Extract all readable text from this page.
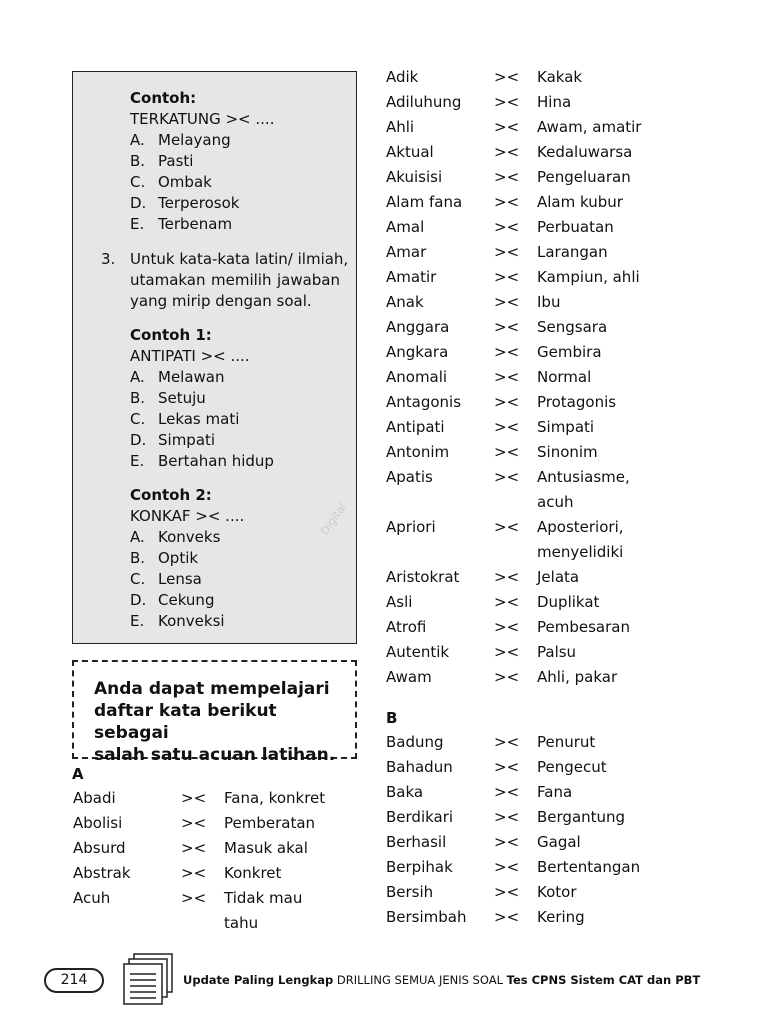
Contoh:
TERKATUNG >< ....
A. Melayang
B. Pasti
C. Ombak
D. Terperosok
E. Terbenam
3. Untuk kata-kata latin/ ilmiah,
utamakan memilih jawaban
yang mirip dengan soal.
Contoh 1:
ANTIPATI >< ....
A. Melawan
B. Setuju
C. Lekas mati
D. Simpati
E. Bertahan hidup
Contoh 2:
KONKAF >< ....
A. Konveks
B. Optik
C. Lensa
D. Cekung
E. Konveksi
Digital
Anda dapat mempelajari
daftar kata berikut sebagai
salah satu acuan latihan.
A
B
Abadi	>< Fana, konkret
Abolisi	>< Pemberatan
Absurd	>< Masuk akal
Abstrak	>< Konkret
Acuh	>< Tidak mau
tahu
Adik	>< Kakak
Adiluhung >< Hina
Ahli	>< Awam, amatir
Aktual	>< Kedaluwarsa
Akuisisi	>< Pengeluaran
Alam fana >< Alam kubur
Amal	>< Perbuatan
Amar	>< Larangan
Amatir	>< Kampiun, ahli
Anak	>< Ibu
Anggara	>< Sengsara
Angkara	>< Gembira
Anomali	>< Normal
Antagonis >< Protagonis
Antipati	>< Simpati
Antonim	>< Sinonim
Apatis	>< Antusiasme,
acuh
Apriori	>< Aposteriori,
menyelidiki
Aristokrat >< Jelata
Asli	>< Duplikat
Atrofi	>< Pembesaran
Autentik	>< Palsu
Awam	>< Ahli, pakar
Badung	>< Penurut
Bahadun	>< Pengecut
Baka	>< Fana
Berdikari	>< Bergantung
Berhasil	>< Gagal
Berpihak	>< Bertentangan
Bersih	>< Kotor
Bersimbah >< Kering
214	Update Paling Lengkap DRILLING SEMUA JENIS SOAL Tes CPNS Sistem CAT dan PBT
